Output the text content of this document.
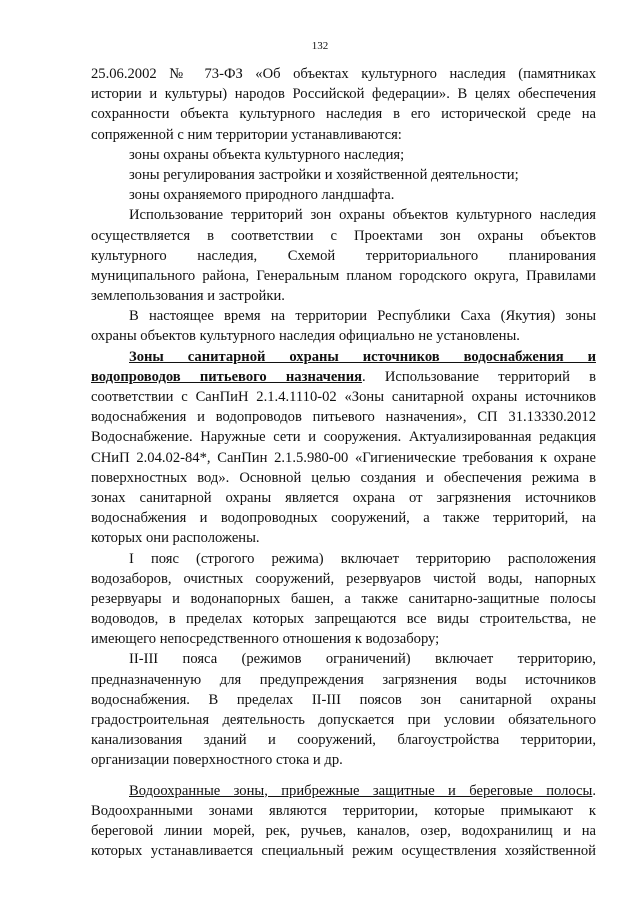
132
25.06.2002 № 73-ФЗ «Об объектах культурного наследия (памятниках
истории и культуры) народов Российской федерации». В целях обеспечения
сохранности объекта культурного наследия в его исторической среде на
сопряженной с ним территории устанавливаются:
зоны охраны объекта культурного наследия;
зоны регулирования застройки и хозяйственной деятельности;
зоны охраняемого природного ландшафта.
Использование территорий зон охраны объектов культурного наследия
осуществляется в соответствии с Проектами зон охраны объектов
культурного наследия, Схемой территориального планирования
муниципального района, Генеральным планом городского округа, Правилами
землепользования и застройки.
В настоящее время на территории Республики Саха (Якутия) зоны
охраны объектов культурного наследия официально не установлены.
Зоны санитарной охраны источников водоснабжения и
водопроводов питьевого назначения. Использование территорий в
соответствии с СанПиН 2.1.4.1110-02 «Зоны санитарной охраны источников
водоснабжения и водопроводов питьевого назначения», СП 31.13330.2012
Водоснабжение. Наружные сети и сооружения. Актуализированная редакция
СНиП 2.04.02-84*, СанПин 2.1.5.980-00 «Гигиенические требования к охране
поверхностных вод». Основной целью создания и обеспечения режима в
зонах санитарной охраны является охрана от загрязнения источников
водоснабжения и водопроводных сооружений, а также территорий, на
которых они расположены.
I пояс (строгого режима) включает территорию расположения
водозаборов, очистных сооружений, резервуаров чистой воды, напорных
резервуары и водонапорных башен, а также санитарно-защитные полосы
водоводов, в пределах которых запрещаются все виды строительства, не
имеющего непосредственного отношения к водозабору;
II-III пояса (режимов ограничений) включает территорию,
предназначенную для предупреждения загрязнения воды источников
водоснабжения. В пределах II-III поясов зон санитарной охраны
градостроительная деятельность допускается при условии обязательного
канализования зданий и сооружений, благоустройства территории,
организации поверхностного стока и др.
Водоохранные зоны, прибрежные защитные и береговые полосы.
Водоохранными зонами являются территории, которые примыкают к
береговой линии морей, рек, ручьев, каналов, озер, водохранилищ и на
которых устанавливается специальный режим осуществления хозяйственной
